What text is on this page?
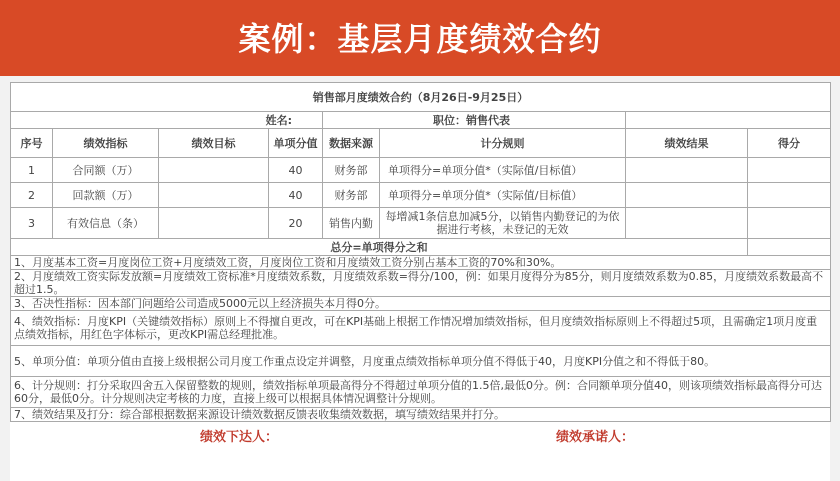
案例：基层月度绩效合约
销售部月度绩效合约（8月26日-9月25日）							
姓名:				职位：销售代表			
序号	绩效指标	绩效目标	单项分值	数据来源	计分规则	绩效结果	得分
1	合同额（万）		40	财务部	单项得分=单项分值*（实际值/目标值）		
2	回款额（万）		40	财务部	单项得分=单项分值*（实际值/目标值）		
3	有效信息（条）		20	销售内勤	每增减1条信息加减5分，以销售内勤登记的为依据进行考核，未登记的无效		
总分=单项得分之和							
1、月度基本工资=月度岗位工资+月度绩效工资，月度岗位工资和月度绩效工资分别占基本工资的70%和30%。							
2、月度绩效工资实际发放额=月度绩效工资标准*月度绩效系数，月度绩效系数=得分/100，例：如果月度得分为85分，则月度绩效系数为0.85，月度绩效系数最高不超过1.5。							
3、否决性指标：因本部门问题给公司造成5000元以上经济损失本月得0分。							
4、绩效指标：月度KPI（关键绩效指标）原则上不得擅自更改，可在KPI基础上根据工作情况增加绩效指标，但月度绩效指标原则上不得超过5项，且需确定1项月度重点绩效指标，用红色字体标示，更改KPI需总经理批准。							
5、单项分值：单项分值由直接上级根据公司月度工作重点设定并调整，月度重点绩效指标单项分值不得低于40，月度KPI分值之和不得低于80。							
6、计分规则：打分采取四舍五入保留整数的规则，绩效指标单项最高得分不得超过单项分值的1.5倍,最低0分。例：合同额单项分值40，则该项绩效指标最高得分可达60分，最低0分。计分规则决定考核的力度，直接上级可以根据具体情况调整计分规则。							
7、绩效结果及打分：综合部根据数据来源设计绩效数据反馈表收集绩效数据，填写绩效结果并打分。							
绩效下达人：	绩效承诺人：
